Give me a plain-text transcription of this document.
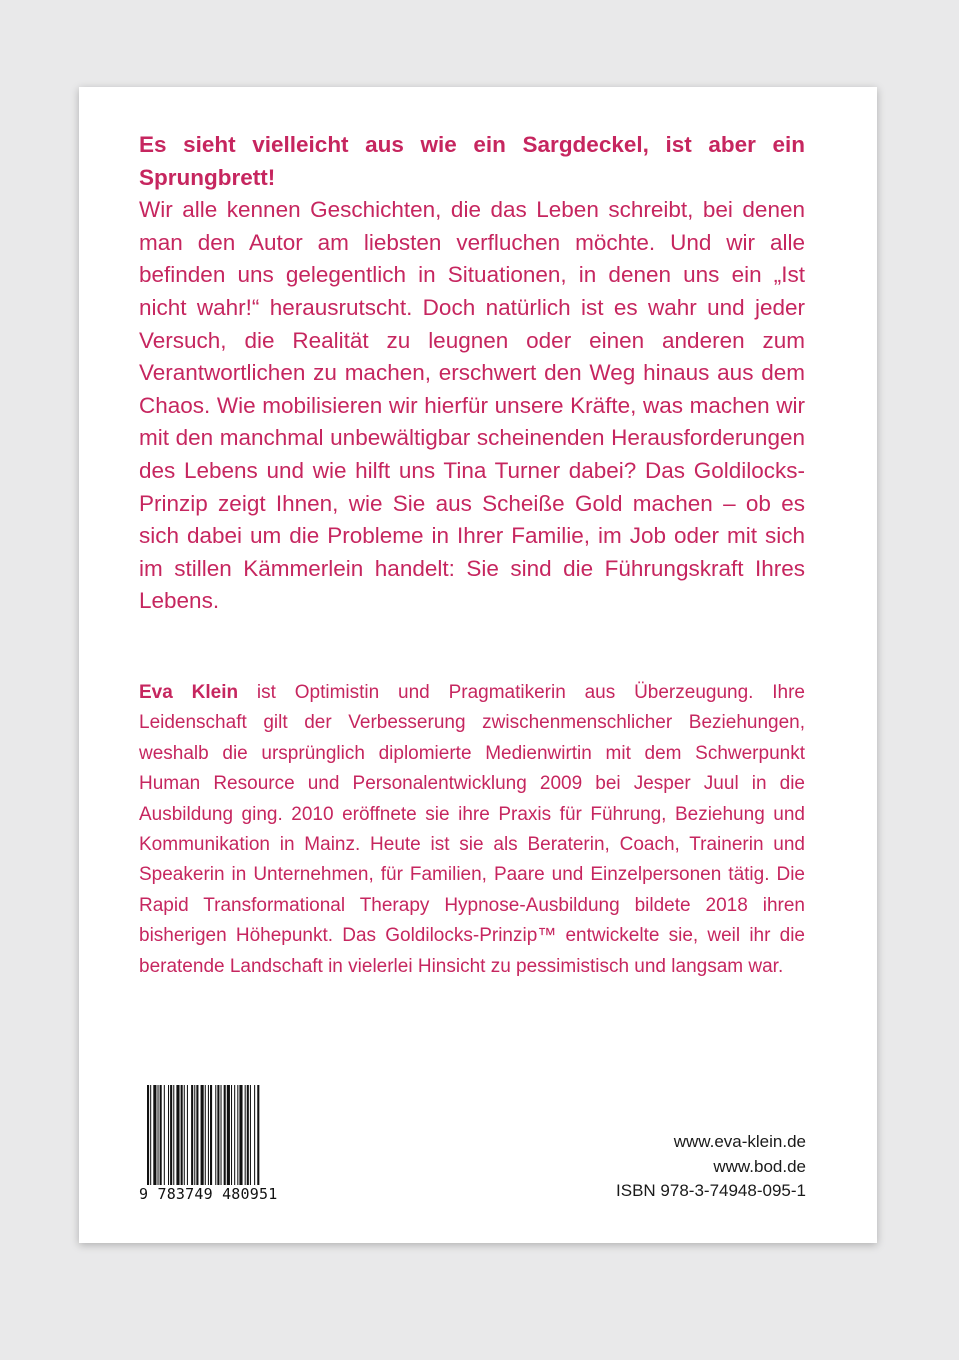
Es sieht vielleicht aus wie ein Sargdeckel, ist aber ein Sprungbrett!

Wir alle kennen Geschichten, die das Leben schreibt, bei denen man den Autor am liebsten verfluchen möchte. Und wir alle befinden uns gelegentlich in Situationen, in denen uns ein „Ist nicht wahr!“ herausrutscht. Doch natürlich ist es wahr und jeder Versuch, die Realität zu leugnen oder einen anderen zum Verantwortlichen zu machen, erschwert den Weg hinaus aus dem Chaos. Wie mobilisieren wir hierfür unsere Kräfte, was machen wir mit den manchmal unbewältigbar scheinenden Herausforderungen des Lebens und wie hilft uns Tina Turner dabei? Das Goldilocks-Prinzip zeigt Ihnen, wie Sie aus Scheiße Gold machen – ob es sich dabei um die Probleme in Ihrer Familie, im Job oder mit sich im stillen Kämmerlein handelt: Sie sind die Führungskraft Ihres Lebens.

Eva Klein ist Optimistin und Pragmatikerin aus Überzeugung. Ihre Leidenschaft gilt der Verbesserung zwischenmenschlicher Beziehungen, weshalb die ursprünglich diplomierte Medienwirtin mit dem Schwerpunkt Human Resource und Personalentwicklung 2009 bei Jesper Juul in die Ausbildung ging. 2010 eröffnete sie ihre Praxis für Führung, Beziehung und Kommunikation in Mainz. Heute ist sie als Beraterin, Coach, Trainerin und Speakerin in Unternehmen, für Familien, Paare und Einzelpersonen tätig. Die Rapid Transformational Therapy Hypnose-Ausbildung bildete 2018 ihren bisherigen Höhepunkt. Das Goldilocks-Prinzip™ entwickelte sie, weil ihr die beratende Landschaft in vielerlei Hinsicht zu pessimistisch und langsam war.

9 783749 480951
www.eva-klein.de
www.bod.de
ISBN 978-3-74948-095-1
